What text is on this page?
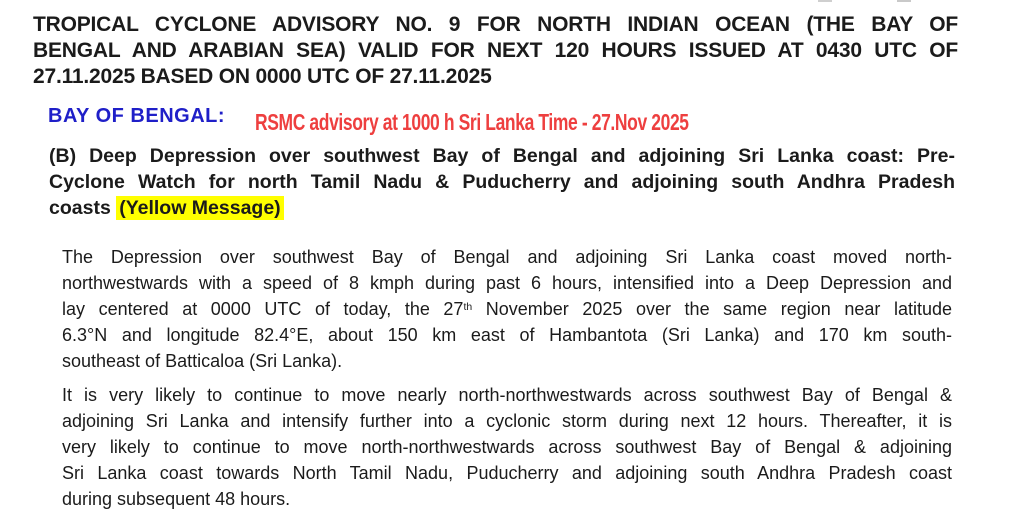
TROPICAL CYCLONE ADVISORY NO. 9 FOR NORTH INDIAN OCEAN (THE BAY OF
BENGAL AND ARABIAN SEA) VALID FOR NEXT 120 HOURS ISSUED AT 0430 UTC OF
27.11.2025 BASED ON 0000 UTC OF 27.11.2025
BAY OF BENGAL: RSMC advisory at 1000 h Sri Lanka Time - 27.Nov 2025
(B) Deep Depression over southwest Bay of Bengal and adjoining Sri Lanka coast: Pre-
Cyclone Watch for north Tamil Nadu & Puducherry and adjoining south Andhra Pradesh
coasts (Yellow Message)
The Depression over southwest Bay of Bengal and adjoining Sri Lanka coast moved north-
northwestwards with a speed of 8 kmph during past 6 hours, intensified into a Deep Depression and
lay centered at 0000 UTC of today, the 27th November 2025 over the same region near latitude
6.3°N and longitude 82.4°E, about 150 km east of Hambantota (Sri Lanka) and 170 km south-
southeast of Batticaloa (Sri Lanka).
It is very likely to continue to move nearly north-northwestwards across southwest Bay of Bengal &
adjoining Sri Lanka and intensify further into a cyclonic storm during next 12 hours. Thereafter, it is
very likely to continue to move north-northwestwards across southwest Bay of Bengal & adjoining
Sri Lanka coast towards North Tamil Nadu, Puducherry and adjoining south Andhra Pradesh coast
during subsequent 48 hours.
